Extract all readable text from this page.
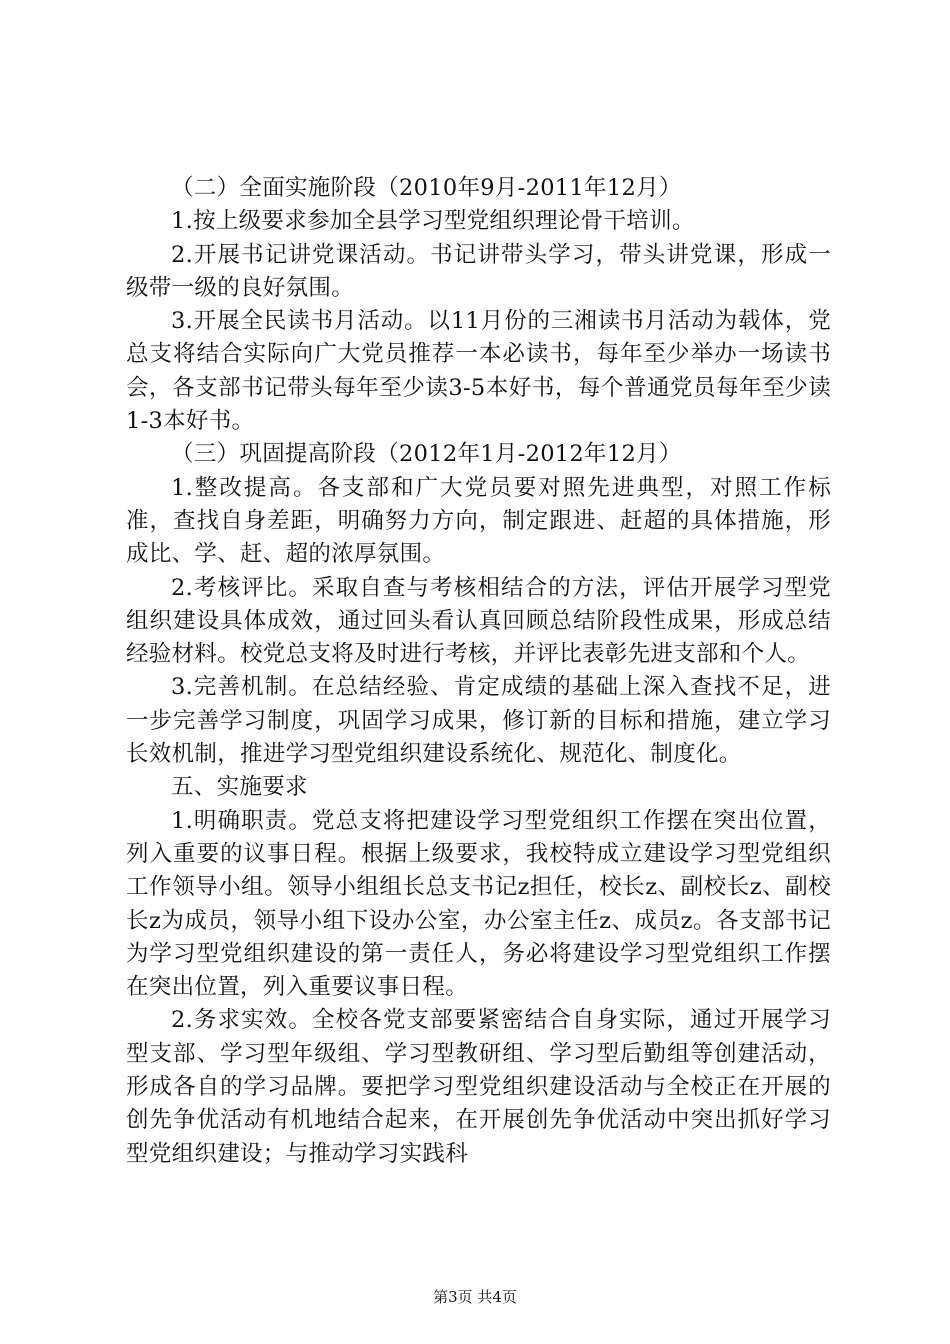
（二）全面实施阶段（2010年9月-2011年12月）

1.按上级要求参加全县学习型党组织理论骨干培训。

2.开展书记讲党课活动。书记讲带头学习，带头讲党课，形成一级带一级的良好氛围。

3.开展全民读书月活动。以11月份的三湘读书月活动为载体，党总支将结合实际向广大党员推荐一本必读书，每年至少举办一场读书会，各支部书记带头每年至少读3-5本好书，每个普通党员每年至少读1-3本好书。

（三）巩固提高阶段（2012年1月-2012年12月）

1.整改提高。各支部和广大党员要对照先进典型，对照工作标准，查找自身差距，明确努力方向，制定跟进、赶超的具体措施，形成比、学、赶、超的浓厚氛围。

2.考核评比。采取自查与考核相结合的方法，评估开展学习型党组织建设具体成效，通过回头看认真回顾总结阶段性成果，形成总结经验材料。校党总支将及时进行考核，并评比表彰先进支部和个人。

3.完善机制。在总结经验、肯定成绩的基础上深入查找不足，进一步完善学习制度，巩固学习成果，修订新的目标和措施，建立学习长效机制，推进学习型党组织建设系统化、规范化、制度化。

五、实施要求

1.明确职责。党总支将把建设学习型党组织工作摆在突出位置，列入重要的议事日程。根据上级要求，我校特成立建设学习型党组织工作领导小组。领导小组组长总支书记z担任，校长z、副校长z、副校长z为成员，领导小组下设办公室，办公室主任z、成员z。各支部书记为学习型党组织建设的第一责任人，务必将建设学习型党组织工作摆在突出位置，列入重要议事日程。

2.务求实效。全校各党支部要紧密结合自身实际，通过开展学习型支部、学习型年级组、学习型教研组、学习型后勤组等创建活动，形成各自的学习品牌。要把学习型党组织建设活动与全校正在开展的创先争优活动有机地结合起来，在开展创先争优活动中突出抓好学习型党组织建设；与推动学习实践科

第3页 共4页
